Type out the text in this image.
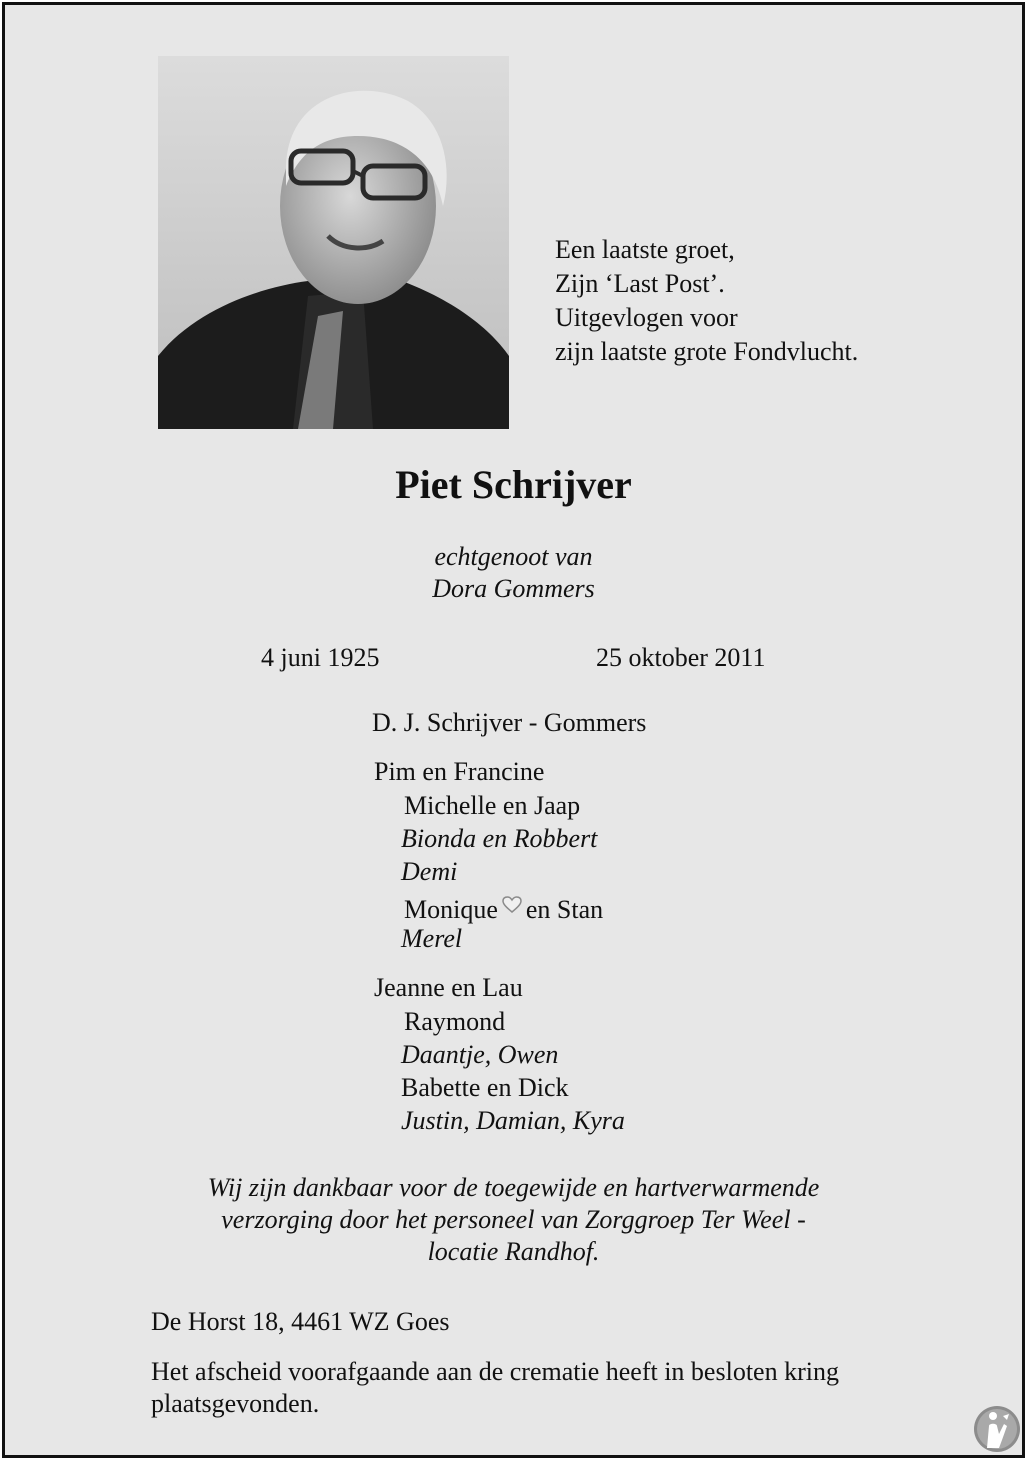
Een laatste groet,
Zijn ‘Last Post’.
Uitgevlogen voor
zijn laatste grote Fondvlucht.
Piet Schrijver
echtgenoot van
Dora Gommers
4 juni 1925	25 oktober 2011
D. J. Schrijver - Gommers
Pim en Francine
Michelle en Jaap
Bionda en Robbert
Demi
Monique en Stan
Merel
Jeanne en Lau
Raymond
Daantje, Owen
Babette en Dick
Justin, Damian, Kyra
Wij zijn dankbaar voor de toegewijde en hartverwarmende
verzorging door het personeel van Zorggroep Ter Weel -
locatie Randhof.
De Horst 18, 4461 WZ Goes
Het afscheid voorafgaande aan de crematie heeft in besloten kring plaatsgevonden.
